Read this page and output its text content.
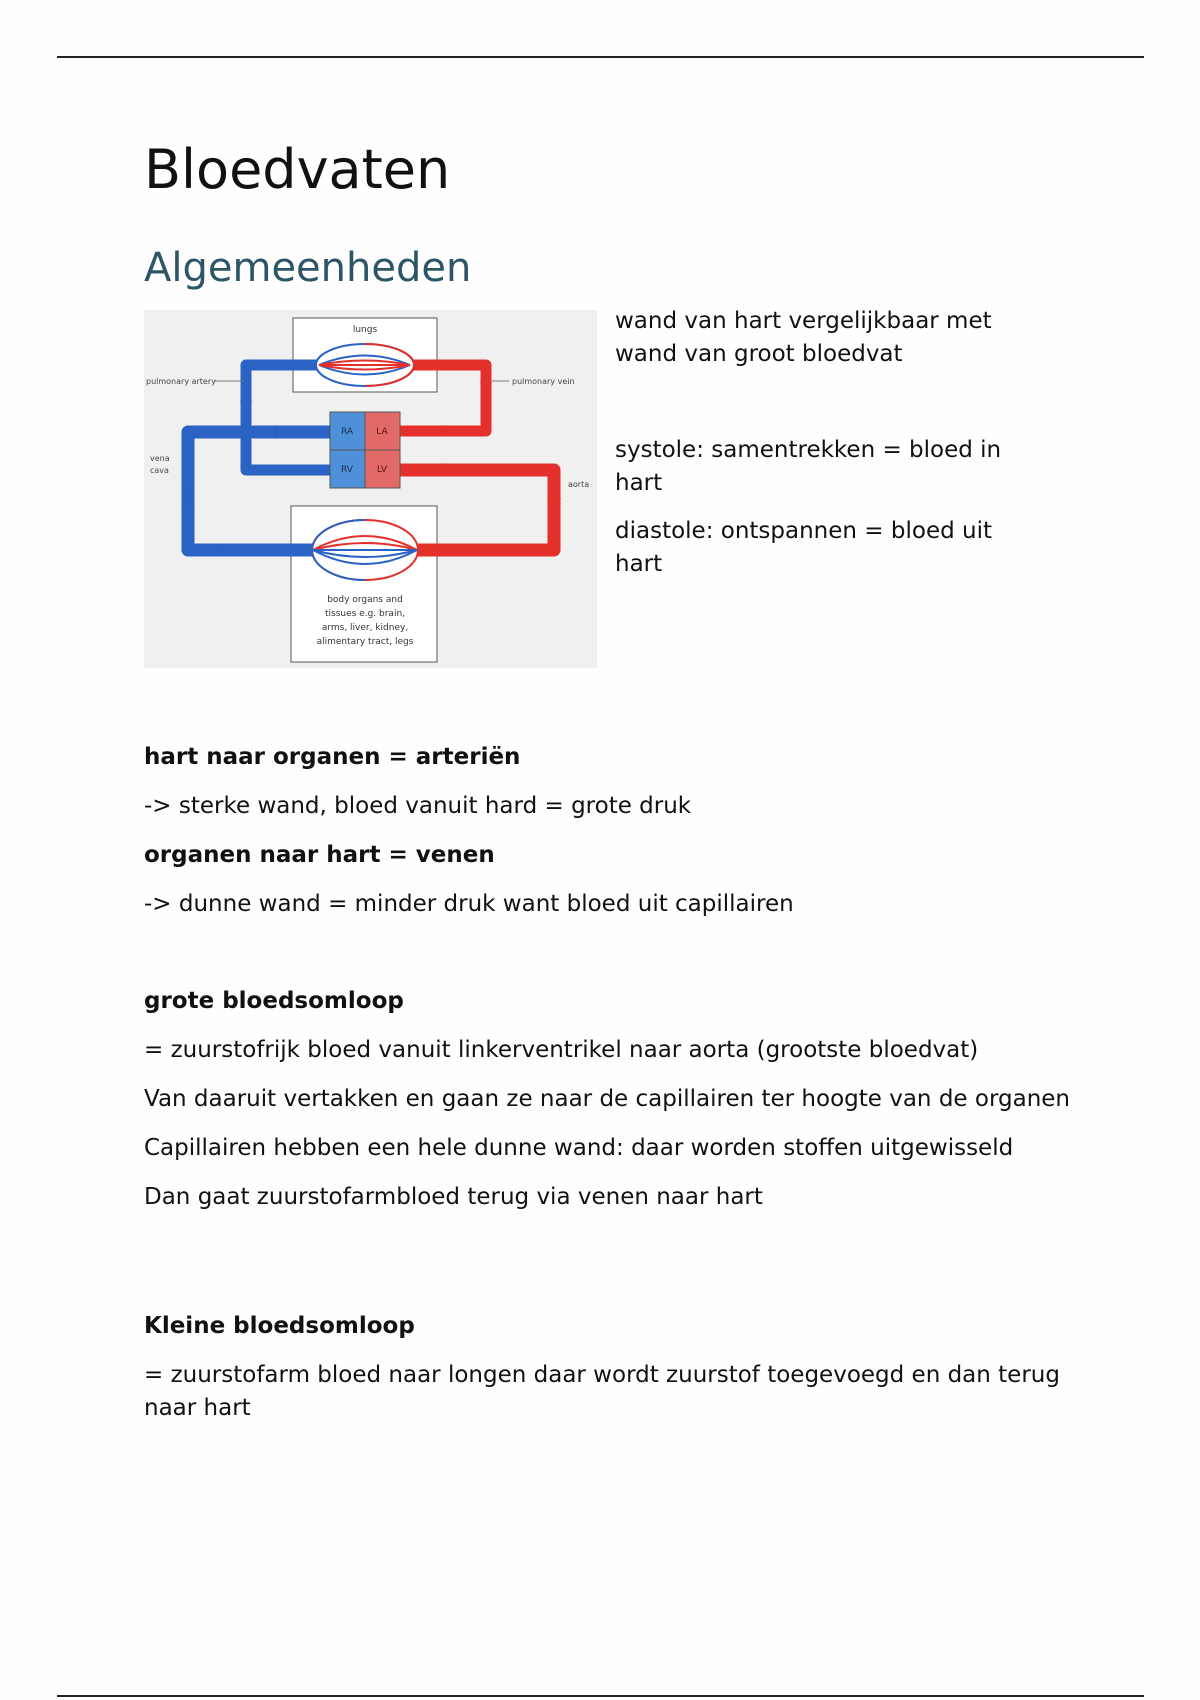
Bloedvaten
Algemeenheden
lungs
body organs and
tissues e.g. brain,
arms, liver, kidney,
alimentary tract, legs
RA	LA
RV	LV
pulmonary artery	pulmonary vein
vena
cava
aorta

wand van hart vergelijkbaar met wand van groot bloedvat

systole: samentrekken = bloed in hart

diastole: ontspannen = bloed uit hart

hart naar organen = arteriën

-> sterke wand, bloed vanuit hard = grote druk

organen naar hart = venen

-> dunne wand = minder druk want bloed uit capillairen

grote bloedsomloop

= zuurstofrijk bloed vanuit linkerventrikel naar aorta (grootste bloedvat)

Van daaruit vertakken en gaan ze naar de capillairen ter hoogte van de organen

Capillairen hebben een hele dunne wand: daar worden stoffen uitgewisseld

Dan gaat zuurstofarmbloed terug via venen naar hart

Kleine bloedsomloop

= zuurstofarm bloed naar longen daar wordt zuurstof toegevoegd en dan terug naar hart
